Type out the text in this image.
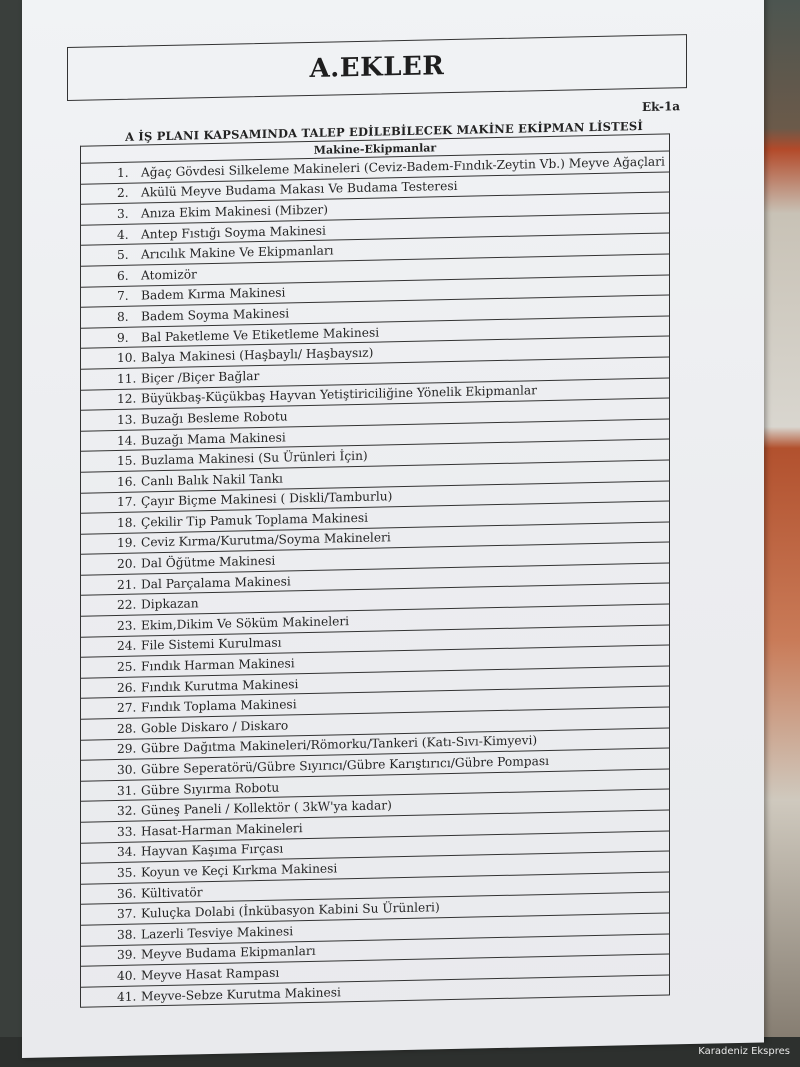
A.EKLER
Ek-1a
A İŞ PLANI KAPSAMINDA TALEP EDİLEBİLECEK MAKİNE EKİPMAN LİSTESİ
Makine-Ekipmanlar
1.	Ağaç Gövdesi Silkeleme Makineleri (Ceviz-Badem-Fındık-Zeytin Vb.) Meyve Ağaçlari
2.	Akülü Meyve Budama Makası Ve Budama Testeresi
3.	Anıza Ekim Makinesi (Mibzer)
4.	Antep Fıstığı Soyma Makinesi
5.	Arıcılık Makine Ve Ekipmanları
6.	Atomizör
7.	Badem Kırma Makinesi
8.	Badem Soyma Makinesi
9.	Bal Paketleme Ve Etiketleme Makinesi
10. Balya Makinesi (Haşbaylı/ Haşbaysız)
11. Biçer /Biçer Bağlar
12. Büyükbaş-Küçükbaş Hayvan Yetiştiriciliğine Yönelik Ekipmanlar
13. Buzağı Besleme Robotu
14. Buzağı Mama Makinesi
15. Buzlama Makinesi (Su Ürünleri İçin)
16. Canlı Balık Nakil Tankı
17. Çayır Biçme Makinesi ( Diskli/Tamburlu)
18. Çekilir Tip Pamuk Toplama Makinesi
19. Ceviz Kırma/Kurutma/Soyma Makineleri
20. Dal Öğütme Makinesi
21. Dal Parçalama Makinesi
22. Dipkazan
23. Ekim,Dikim Ve Söküm Makineleri
24. File Sistemi Kurulması
25. Fındık Harman Makinesi
26. Fındık Kurutma Makinesi
27. Fındık Toplama Makinesi
28. Goble Diskaro / Diskaro
29. Gübre Dağıtma Makineleri/Römorku/Tankeri (Katı-Sıvı-Kimyevi)
30. Gübre Seperatörü/Gübre Sıyırıcı/Gübre Karıştırıcı/Gübre Pompası
31. Gübre Sıyırma Robotu
32. Güneş Paneli / Kollektör ( 3kW'ya kadar)
33. Hasat-Harman Makineleri
34. Hayvan Kaşıma Fırçası
35. Koyun ve Keçi Kırkma Makinesi
36. Kültivatör
37. Kuluçka Dolabi (İnkübasyon Kabini Su Ürünleri)
38. Lazerli Tesviye Makinesi
39. Meyve Budama Ekipmanları
40. Meyve Hasat Rampası
41. Meyve-Sebze Kurutma Makinesi
Karadeniz Ekspres
